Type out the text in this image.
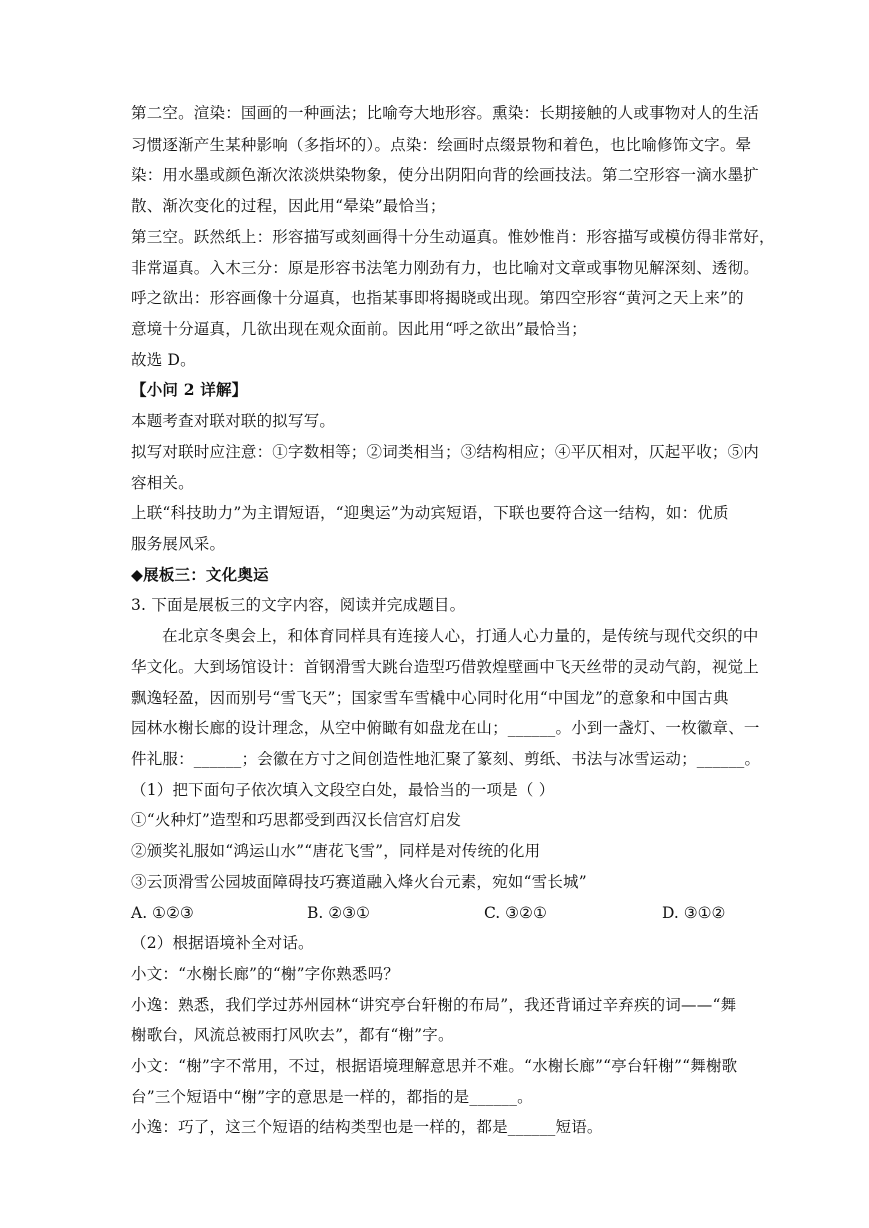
第二空。渲染：国画的一种画法；比喻夸大地形容。熏染：长期接触的人或事物对人的生活
习惯逐渐产生某种影响（多指坏的）。点染：绘画时点缀景物和着色，也比喻修饰文字。晕
染：用水墨或颜色渐次浓淡烘染物象，使分出阴阳向背的绘画技法。第二空形容一滴水墨扩
散、渐次变化的过程，因此用“晕染”最恰当；
第三空。跃然纸上：形容描写或刻画得十分生动逼真。惟妙惟肖：形容描写或模仿得非常好，
非常逼真。入木三分：原是形容书法笔力刚劲有力，也比喻对文章或事物见解深刻、透彻。
呼之欲出：形容画像十分逼真，也指某事即将揭晓或出现。第四空形容“黄河之天上来”的
意境十分逼真，几欲出现在观众面前。因此用“呼之欲出”最恰当；
故选 D。
【小问 2 详解】
本题考查对联对联的拟写写。
拟写对联时应注意：①字数相等；②词类相当；③结构相应；④平仄相对，仄起平收；⑤内
容相关。
上联“科技助力”为主谓短语，“迎奥运”为动宾短语，下联也要符合这一结构，如：优质
服务展风采。
◆展板三：文化奥运
3. 下面是展板三的文字内容，阅读并完成题目。
在北京冬奥会上，和体育同样具有连接人心，打通人心力量的，是传统与现代交织的中
华文化。大到场馆设计：首钢滑雪大跳台造型巧借敦煌壁画中飞天丝带的灵动气韵，视觉上
飘逸轻盈，因而别号“雪飞天”；国家雪车雪橇中心同时化用“中国龙”的意象和中国古典
园林水榭长廊的设计理念，从空中俯瞰有如盘龙在山；______。小到一盏灯、一枚徽章、一
件礼服：______；会徽在方寸之间创造性地汇聚了篆刻、剪纸、书法与冰雪运动；______。
（1）把下面句子依次填入文段空白处，最恰当的一项是（ ）
①“火种灯”造型和巧思都受到西汉长信宫灯启发
②颁奖礼服如“鸿运山水”“唐花飞雪”，同样是对传统的化用
③云顶滑雪公园坡面障碍技巧赛道融入烽火台元素，宛如“雪长城”
A. ①②③	B. ②③①	C. ③②①	D. ③①②
（2）根据语境补全对话。
小文：“水榭长廊”的“榭”字你熟悉吗？
小逸：熟悉，我们学过苏州园林“讲究亭台轩榭的布局”，我还背诵过辛弃疾的词——“舞
榭歌台，风流总被雨打风吹去”，都有“榭”字。
小文：“榭”字不常用，不过，根据语境理解意思并不难。“水榭长廊”“亭台轩榭”“舞榭歌
台”三个短语中“榭”字的意思是一样的，都指的是______。
小逸：巧了，这三个短语的结构类型也是一样的，都是______短语。
